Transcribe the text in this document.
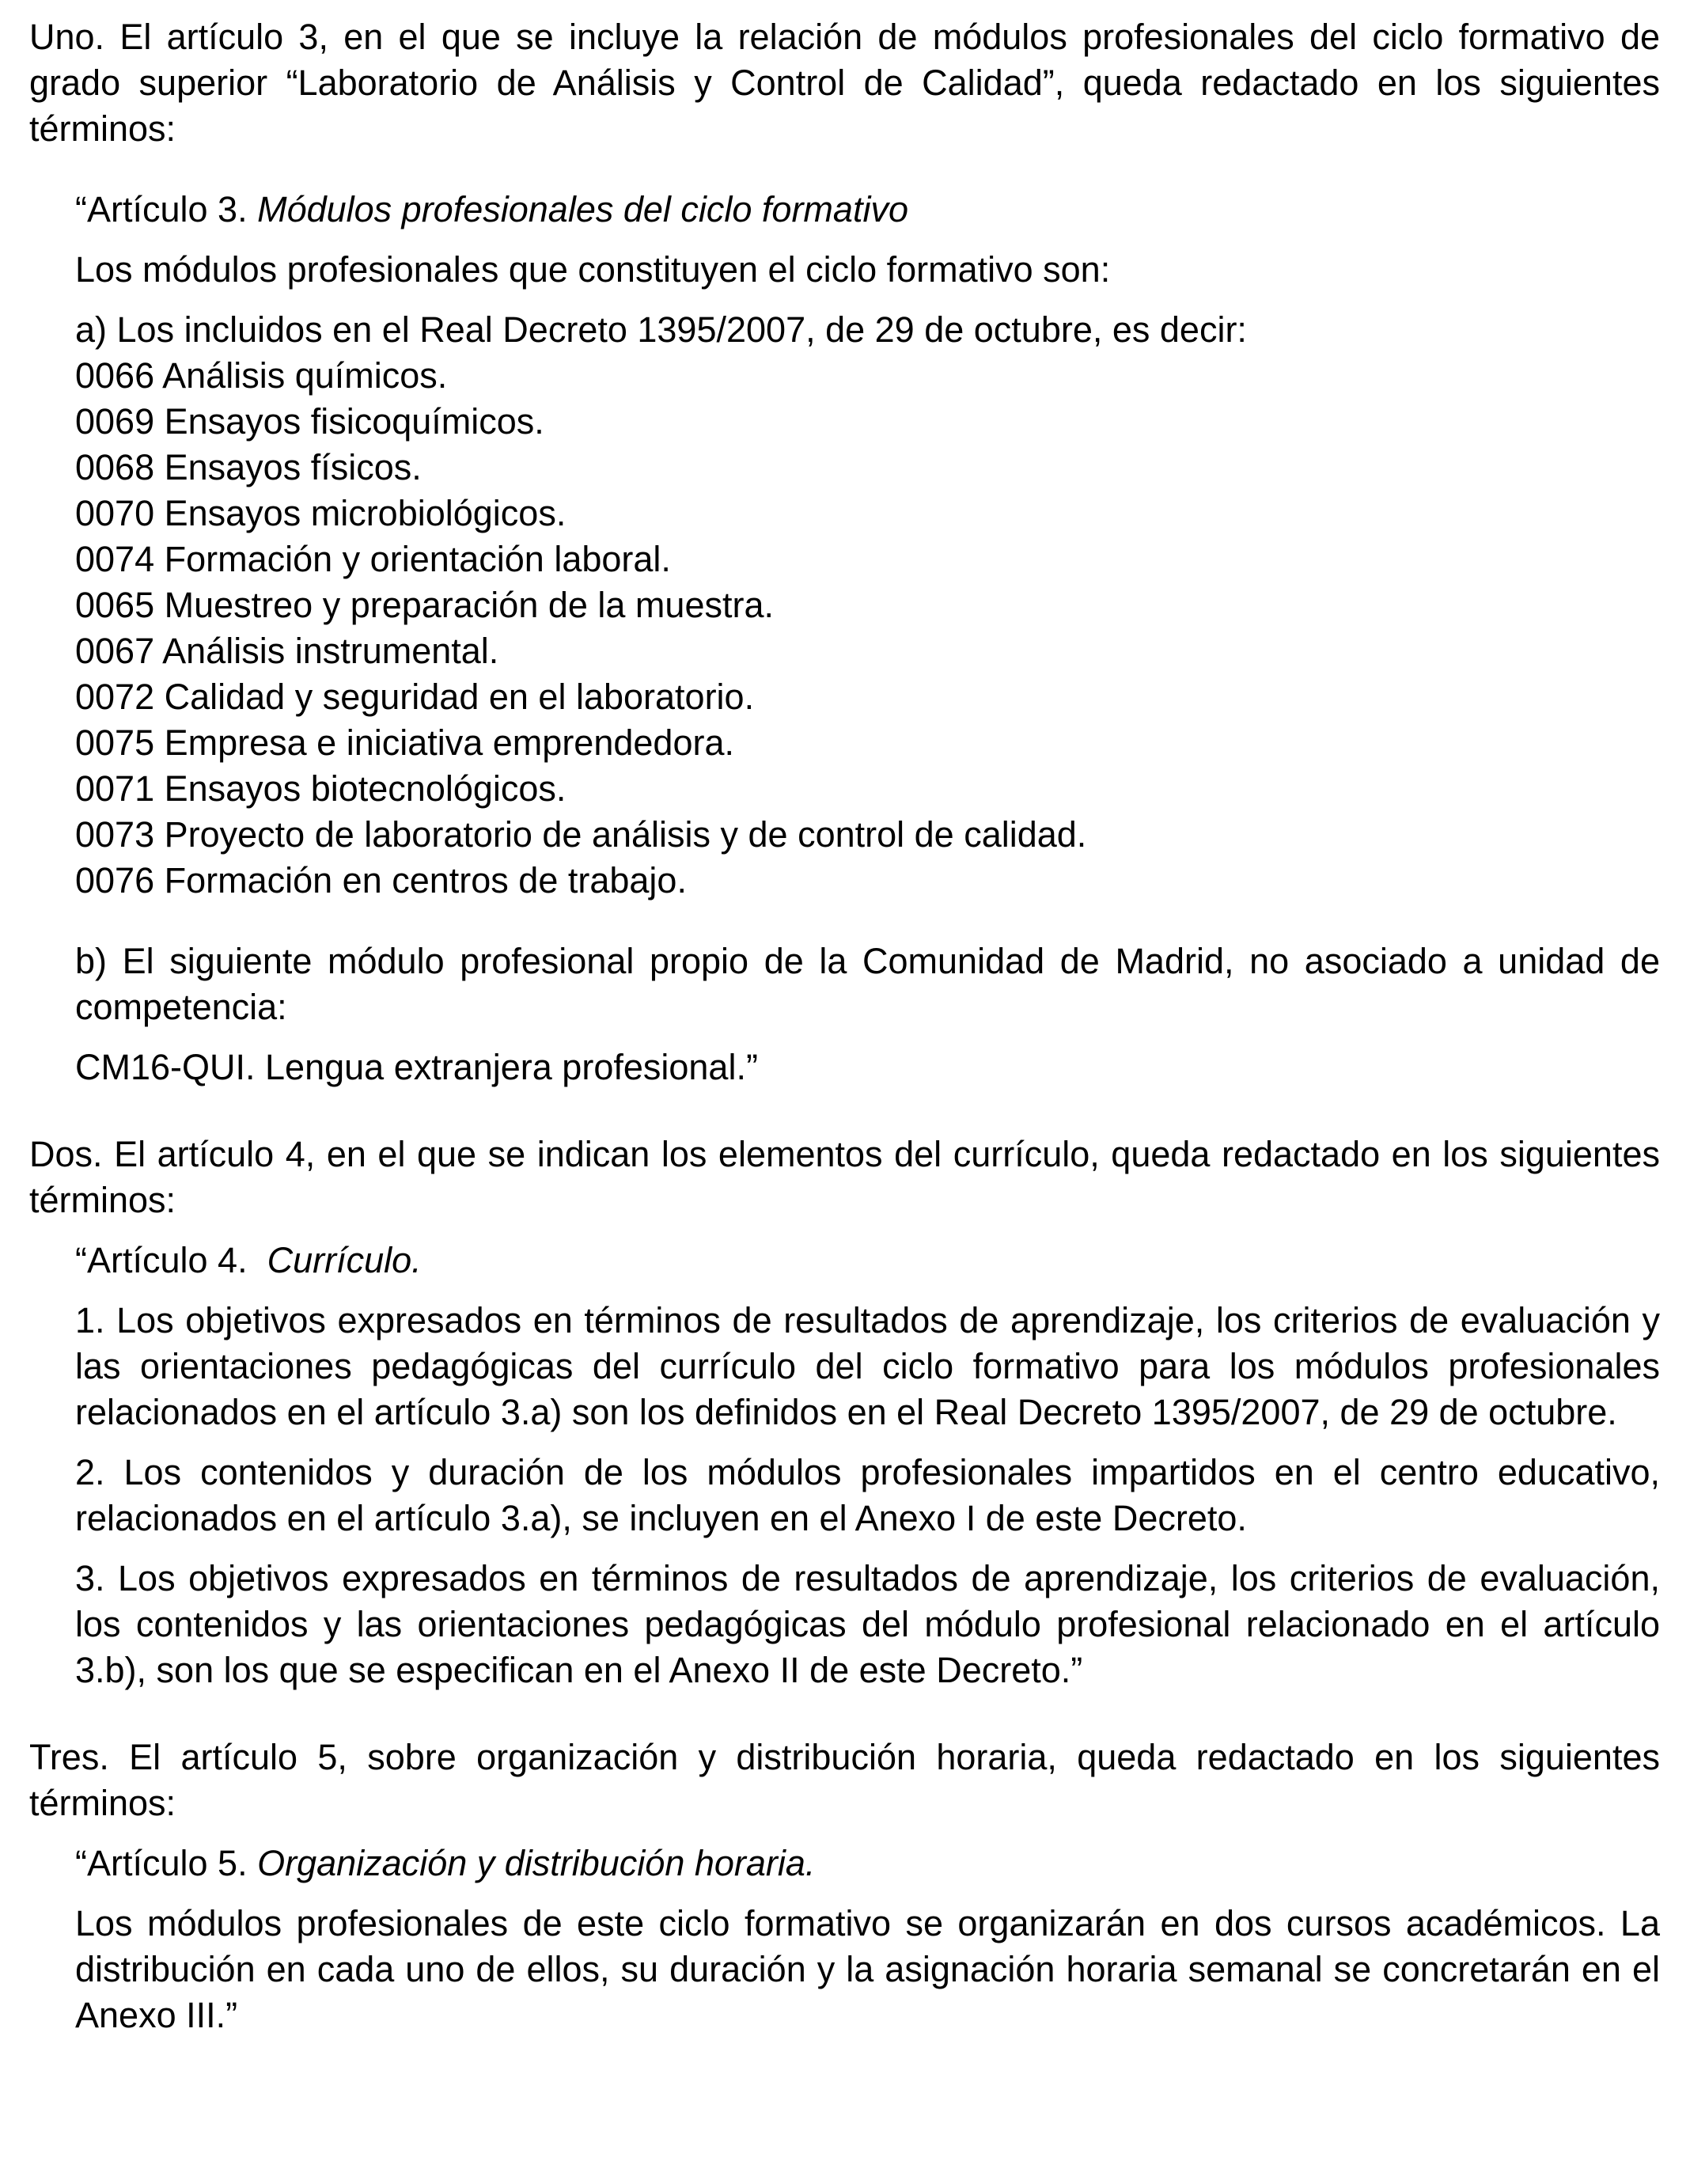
Uno. El artículo 3, en el que se incluye la relación de módulos profesionales del ciclo formativo de grado superior “Laboratorio de Análisis y Control de Calidad”, queda redactado en los siguientes términos:

“Artículo 3. Módulos profesionales del ciclo formativo

Los módulos profesionales que constituyen el ciclo formativo son:

a) Los incluidos en el Real Decreto 1395/2007, de 29 de octubre, es decir:

0066 Análisis químicos.
0069 Ensayos fisicoquímicos.
0068 Ensayos físicos.
0070 Ensayos microbiológicos.
0074 Formación y orientación laboral.
0065 Muestreo y preparación de la muestra.
0067 Análisis instrumental.
0072 Calidad y seguridad en el laboratorio.
0075 Empresa e iniciativa emprendedora.
0071 Ensayos biotecnológicos.
0073 Proyecto de laboratorio de análisis y de control de calidad.
0076 Formación en centros de trabajo.

b) El siguiente módulo profesional propio de la Comunidad de Madrid, no asociado a unidad de competencia:

CM16-QUI. Lengua extranjera profesional.”

Dos. El artículo 4, en el que se indican los elementos del currículo, queda redactado en los siguientes términos:

“Artículo 4.  Currículo.

1. Los objetivos expresados en términos de resultados de aprendizaje, los criterios de evaluación y las orientaciones pedagógicas del currículo del ciclo formativo para los módulos profesionales relacionados en el artículo 3.a) son los definidos en el Real Decreto 1395/2007, de 29 de octubre.

2. Los contenidos y duración de los módulos profesionales impartidos en el centro educativo, relacionados en el artículo 3.a), se incluyen en el Anexo I de este Decreto.

3. Los objetivos expresados en términos de resultados de aprendizaje, los criterios de evaluación, los contenidos y las orientaciones pedagógicas del módulo profesional relacionado en el artículo 3.b), son los que se especifican en el Anexo II de este Decreto.”

Tres. El artículo 5, sobre organización y distribución horaria, queda redactado en los siguientes términos:

“Artículo 5. Organización y distribución horaria.

Los módulos profesionales de este ciclo formativo se organizarán en dos cursos académicos. La distribución en cada uno de ellos, su duración y la asignación horaria semanal se concretarán en el Anexo III.”
